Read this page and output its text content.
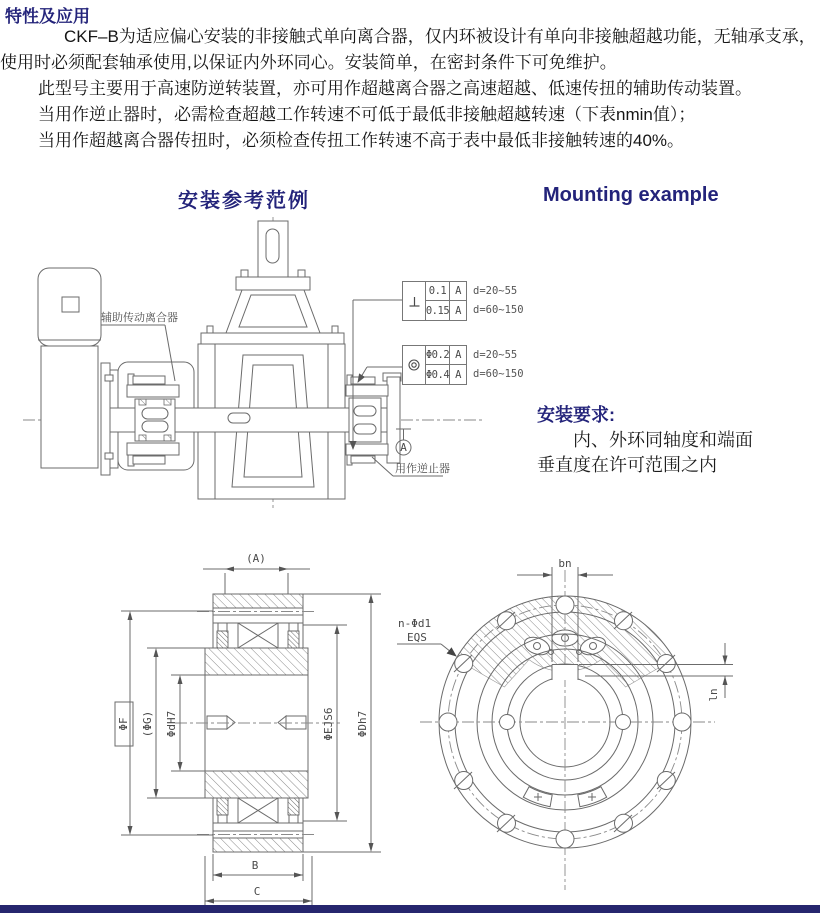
特性及应用

CKF–B为适应偏心安装的非接触式单向离合器，仅内环被设计有单向非接触超越功能，无轴承支承，使用时必须配套轴承使用,以保证内外环同心。安装简单，在密封条件下可免维护。

此型号主要用于高速防逆转装置，亦可用作超越离合器之高速超越、低速传扭的辅助传动装置。

当用作逆止器时，必需检查超越工作转速不可低于最低非接触超越转速（下表nmin值）；

当用作超越离合器传扭时，必须检查传扭工作转速不高于表中最低非接触转速的40%。

安装参考范例	Mounting example
A
辅助传动离合器
用作逆止器
0.1 A
0.15 A
d=20~55
d=60~150
Φ0.2 A
Φ0.4 A
d=20~55
d=60~150
安装要求:
内、外环同轴度和端面
垂直度在许可范围之内
(A)
ΦF (ΦG) ΦdH7	ΦEJS6 ΦDh7
B
C
bn
ln
n-Φd1
EQS
